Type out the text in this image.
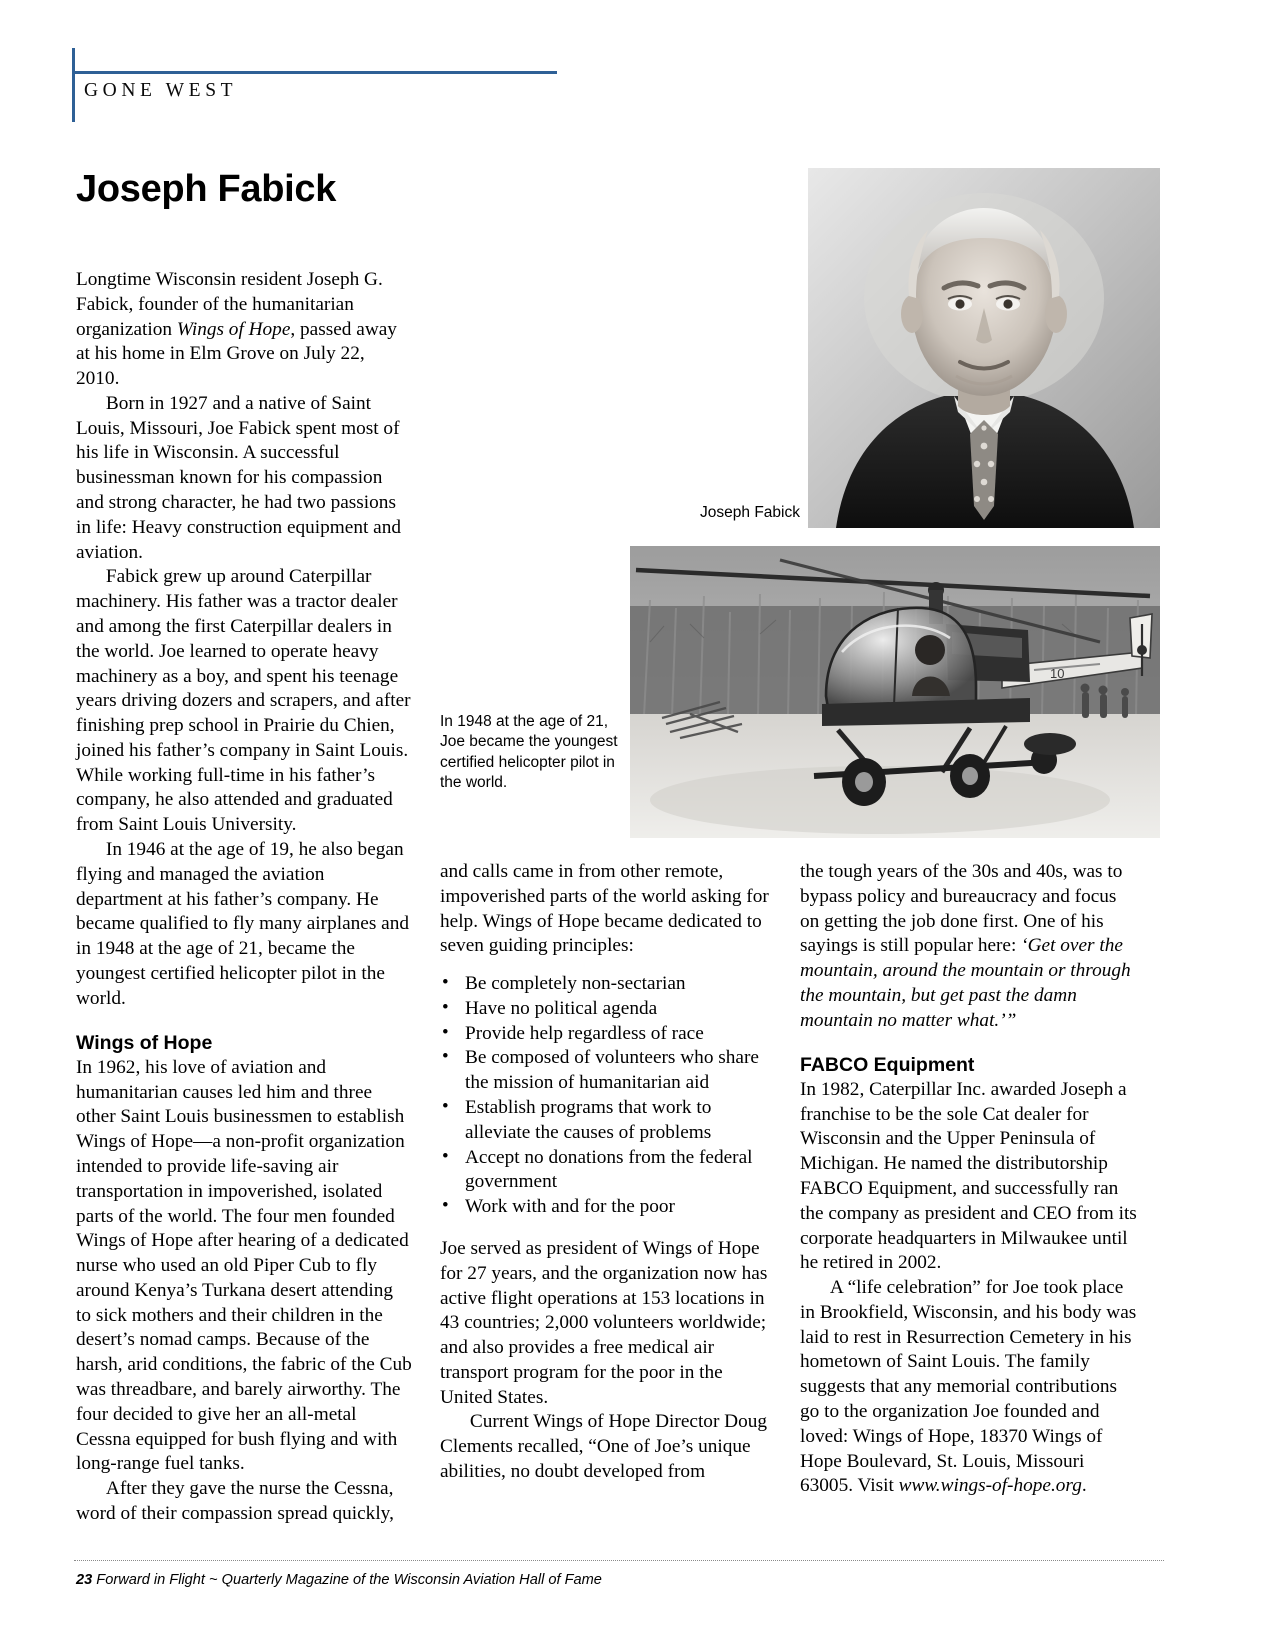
GONE WEST
Joseph Fabick
Joseph Fabick
10
In 1948 at the age of 21, Joe became the youngest certified helicopter pilot in the world.

Longtime Wisconsin resident Joseph G. Fabick, founder of the humanitarian organization Wings of Hope, passed away at his home in Elm Grove on July 22, 2010.

Born in 1927 and a native of Saint Louis, Missouri, Joe Fabick spent most of his life in Wisconsin. A successful businessman known for his compassion and strong character, he had two passions in life: Heavy construction equipment and aviation.

Fabick grew up around Caterpillar machinery. His father was a tractor dealer and among the first Caterpillar dealers in the world. Joe learned to operate heavy machinery as a boy, and spent his teenage years driving dozers and scrapers, and after finishing prep school in Prairie du Chien, joined his father’s company in Saint Louis. While working full-time in his father’s company, he also attended and graduated from Saint Louis University.

In 1946 at the age of 19, he also began flying and managed the aviation department at his father’s company. He became qualified to fly many airplanes and in 1948 at the age of 21, became the youngest certified helicopter pilot in the world.

Wings of Hope

In 1962, his love of aviation and humanitarian causes led him and three other Saint Louis businessmen to establish Wings of Hope—a non-profit organization intended to provide life-saving air transportation in impoverished, isolated parts of the world. The four men founded Wings of Hope after hearing of a dedicated nurse who used an old Piper Cub to fly around Kenya’s Turkana desert attending to sick mothers and their children in the desert’s nomad camps. Because of the harsh, arid conditions, the fabric of the Cub was threadbare, and barely airworthy. The four decided to give her an all-metal Cessna equipped for bush flying and with long-range fuel tanks.

After they gave the nurse the Cessna, word of their compassion spread quickly,

and calls came in from other remote, impoverished parts of the world asking for help. Wings of Hope became dedicated to seven guiding principles:

• Be completely non-sectarian
• Have no political agenda
• Provide help regardless of race
• Be composed of volunteers who share the mission of humanitarian aid
• Establish programs that work to alleviate the causes of problems
• Accept no donations from the federal government
• Work with and for the poor

Joe served as president of Wings of Hope for 27 years, and the organization now has active flight operations at 153 locations in 43 countries; 2,000 volunteers worldwide; and also provides a free medical air transport program for the poor in the United States.

Current Wings of Hope Director Doug Clements recalled, “One of Joe’s unique abilities, no doubt developed from

the tough years of the 30s and 40s, was to bypass policy and bureaucracy and focus on getting the job done first. One of his sayings is still popular here: ‘Get over the mountain, around the mountain or through the mountain, but get past the damn mountain no matter what.’”

FABCO Equipment

In 1982, Caterpillar Inc. awarded Joseph a franchise to be the sole Cat dealer for Wisconsin and the Upper Peninsula of Michigan. He named the distributorship FABCO Equipment, and successfully ran the company as president and CEO from its corporate headquarters in Milwaukee until he retired in 2002.

A “life celebration” for Joe took place in Brookfield, Wisconsin, and his body was laid to rest in Resurrection Cemetery in his hometown of Saint Louis. The family suggests that any memorial contributions go to the organization Joe founded and loved: Wings of Hope, 18370 Wings of Hope Boulevard, St. Louis, Missouri 63005. Visit www.wings-of-hope.org.

23 Forward in Flight ~ Quarterly Magazine of the Wisconsin Aviation Hall of Fame
